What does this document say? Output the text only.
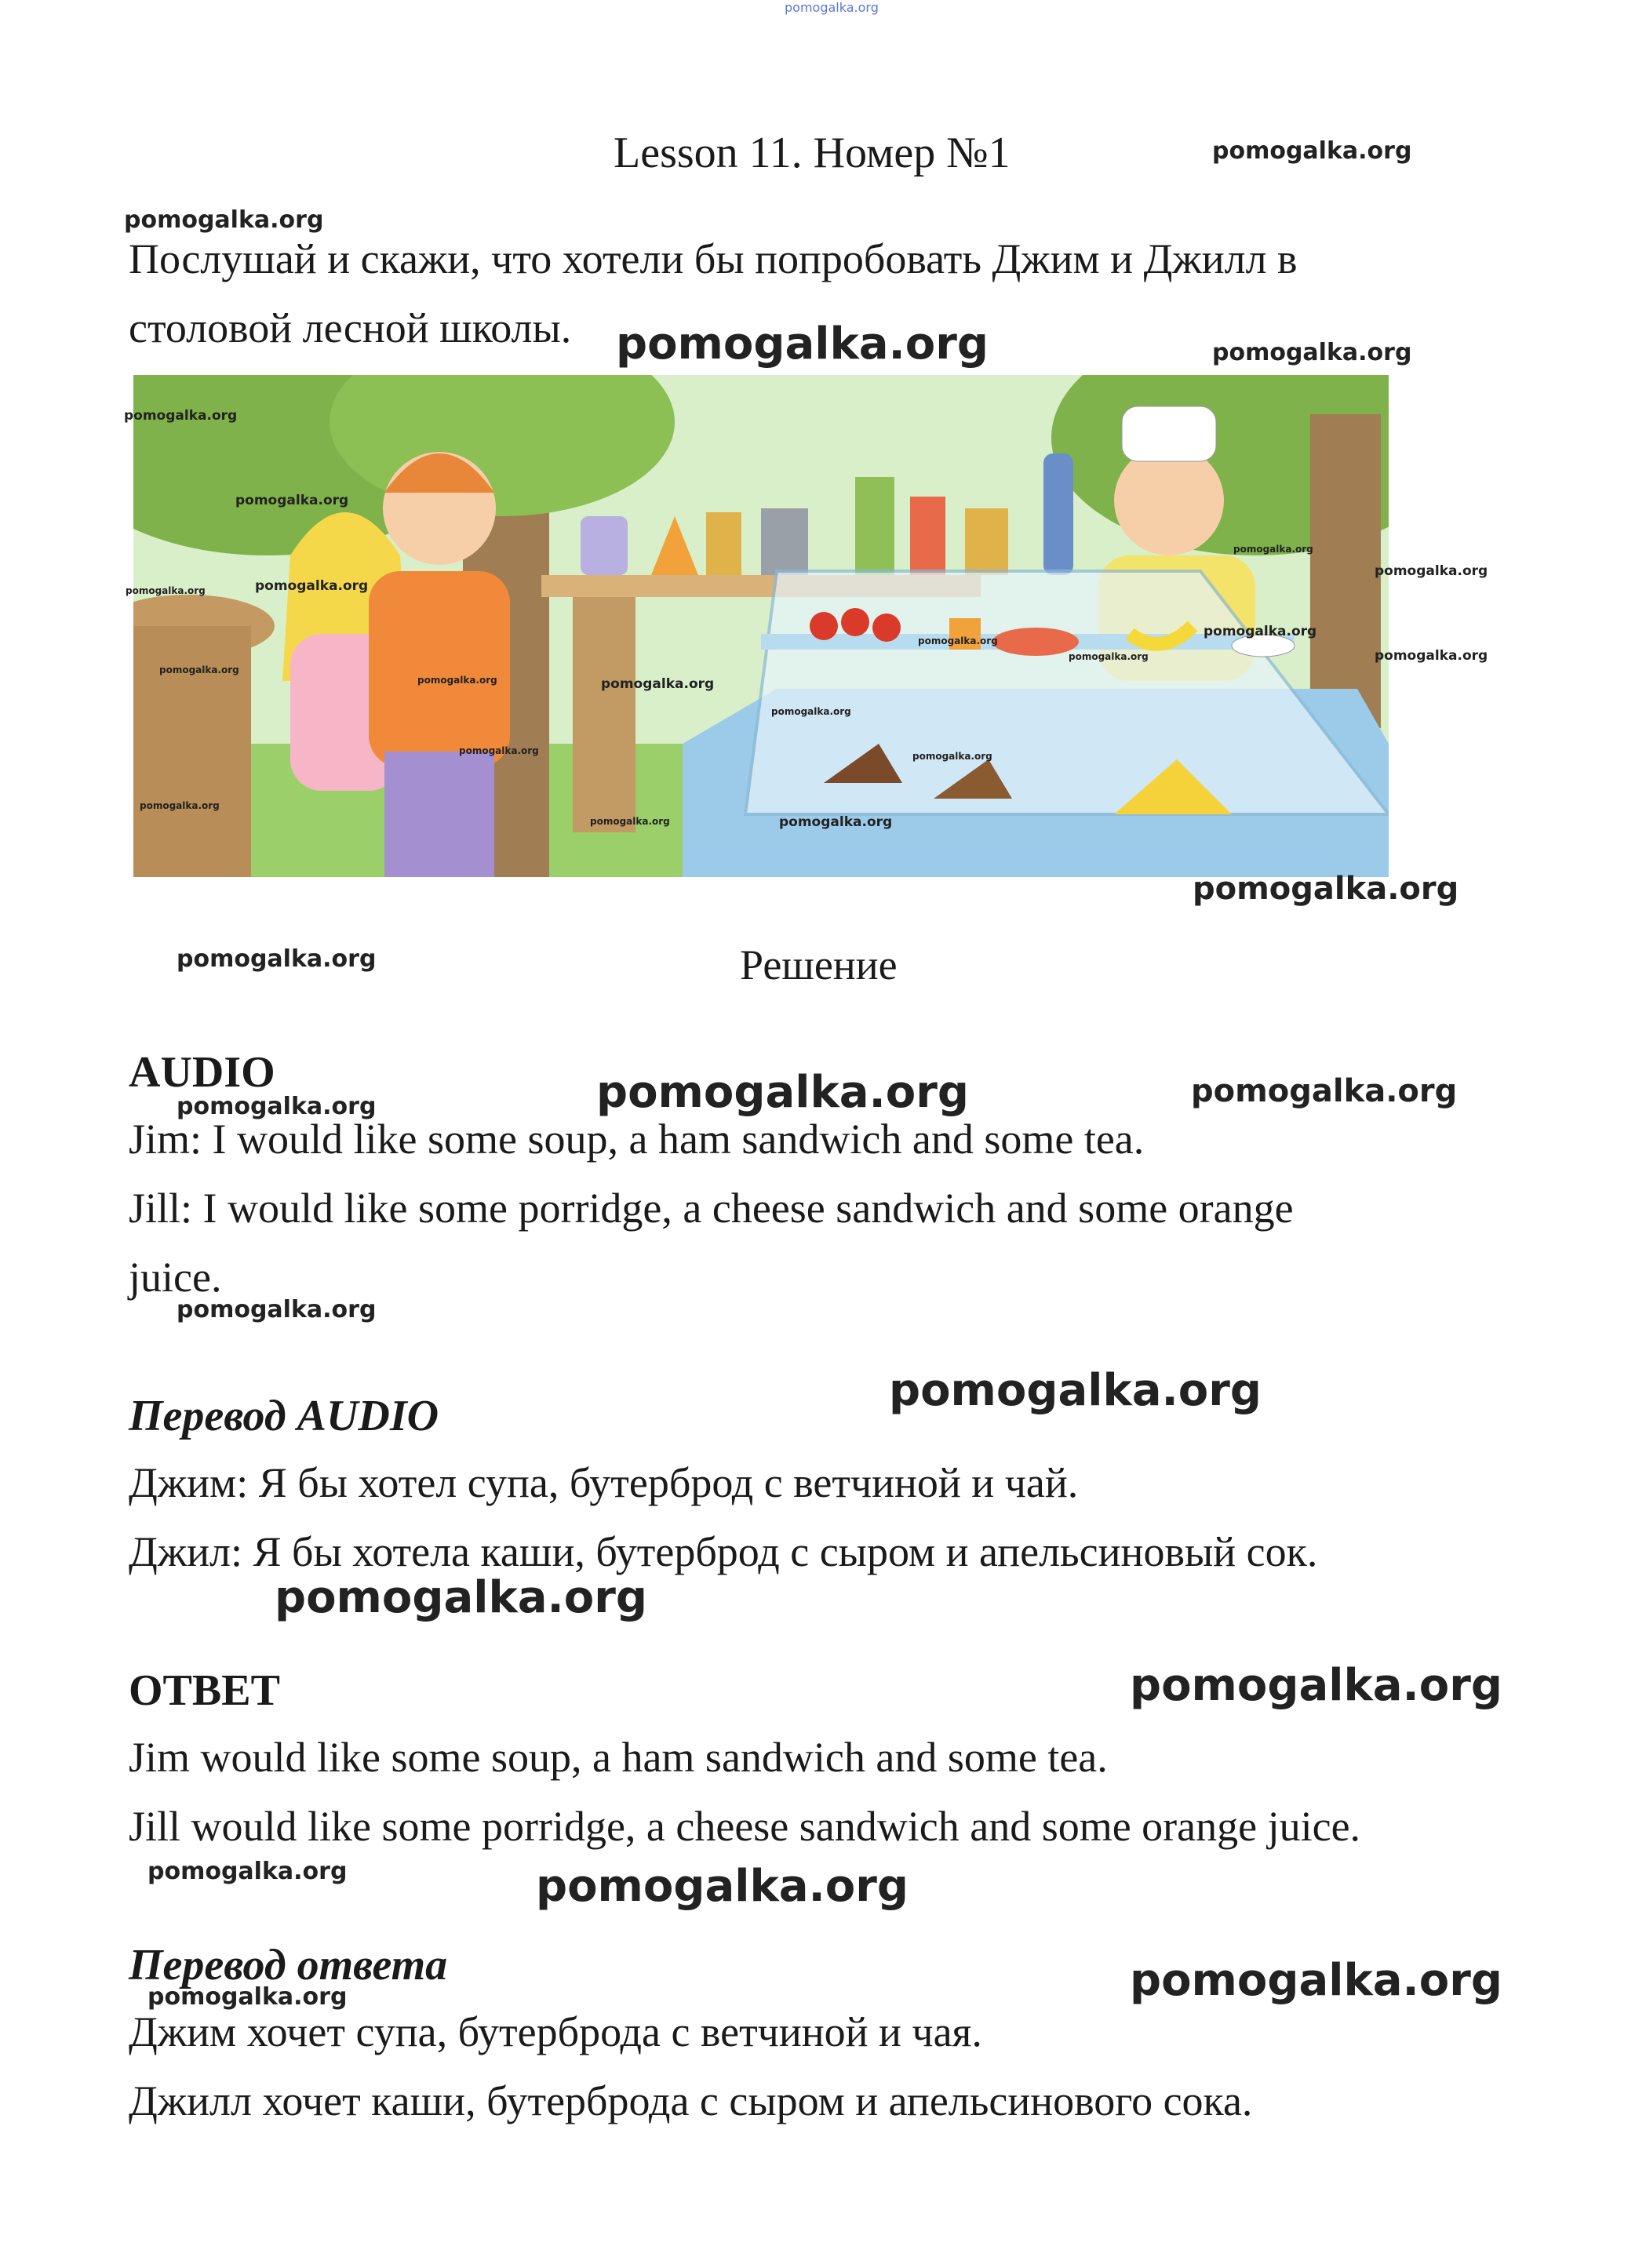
Lesson 11. Номер №1
Послушай и скажи, что хотели бы попробовать Джим и Джилл в
столовой лесной школы.
Решение
AUDIO
Jim: I would like some soup, a ham sandwich and some tea.
Jill: I would like some porridge, a cheese sandwich and some orange
juice.
Перевод AUDIO
Джим: Я бы хотел супа, бутерброд с ветчиной и чай.
Джил: Я бы хотела каши, бутерброд с сыром и апельсиновый сок.
ОТВЕТ
Jim would like some soup, a ham sandwich and some tea.
Jill would like some porridge, a cheese sandwich and some orange juice.
Перевод ответа
Джим хочет супа, бутерброда с ветчиной и чая.
Джилл хочет каши, бутерброда с сыром и апельсинового сока.
pomogalka.org
pomogalka.org
pomogalka.org
pomogalka.org	pomogalka.org
pomogalka.org
pomogalka.org
pomogalka.org
pomogalka.org
pomogalka.org
pomogalka.org
pomogalka.org
pomogalka.org
pomogalka.org
pomogalka.org
pomogalka.org
pomogalka.org	pomogalka.org
pomogalka.org
pomogalka.org	pomogalka.org
pomogalka.org
pomogalka.org	pomogalka.org
pomogalka.org
pomogalka.org
pomogalka.org	pomogalka.org
pomogalka.org
pomogalka.org
pomogalka.org
pomogalka.org
pomogalka.org
pomogalka.org	pomogalka.org
pomogalka.org	pomogalka.org
